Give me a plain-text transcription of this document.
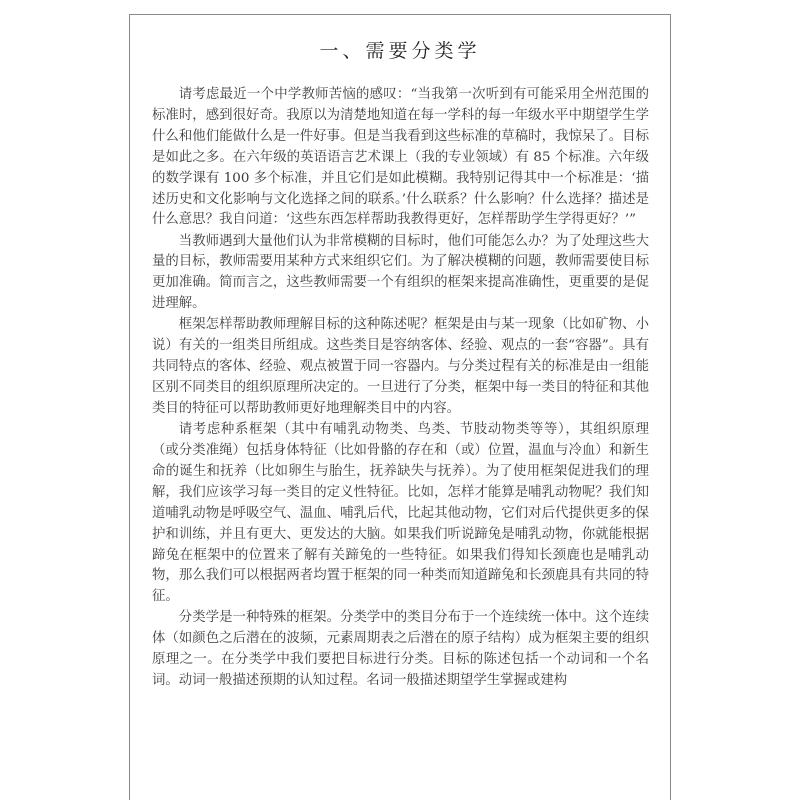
一、需要分类学

请考虑最近一个中学教师苦恼的感叹：“当我第一次听到有可能采用全州范围的标准时，感到很好奇。我原以为清楚地知道在每一学科的每一年级水平中期望学生学什么和他们能做什么是一件好事。但是当我看到这些标准的草稿时，我惊呆了。目标是如此之多。在六年级的英语语言艺术课上（我的专业领域）有 85 个标准。六年级的数学课有 100 多个标准，并且它们是如此模糊。我特别记得其中一个标准是：‘描述历史和文化影响与文化选择之间的联系。’什么联系？什么影响？什么选择？描述是什么意思？我自问道：‘这些东西怎样帮助我教得更好，怎样帮助学生学得更好？’”

当教师遇到大量他们认为非常模糊的目标时，他们可能怎么办？为了处理这些大量的目标，教师需要用某种方式来组织它们。为了解决模糊的问题，教师需要使目标更加准确。简而言之，这些教师需要一个有组织的框架来提高准确性，更重要的是促进理解。

框架怎样帮助教师理解目标的这种陈述呢？框架是由与某一现象（比如矿物、小说）有关的一组类目所组成。这些类目是容纳客体、经验、观点的一套“容器”。具有共同特点的客体、经验、观点被置于同一容器内。与分类过程有关的标准是由一组能区别不同类目的组织原理所决定的。一旦进行了分类，框架中每一类目的特征和其他类目的特征可以帮助教师更好地理解类目中的内容。

请考虑种系框架（其中有哺乳动物类、鸟类、节肢动物类等等），其组织原理（或分类准绳）包括身体特征（比如骨骼的存在和（或）位置，温血与冷血）和新生命的诞生和抚养（比如卵生与胎生，抚养缺失与抚养）。为了使用框架促进我们的理解，我们应该学习每一类目的定义性特征。比如，怎样才能算是哺乳动物呢？我们知道哺乳动物是呼吸空气、温血、哺乳后代，比起其他动物，它们对后代提供更多的保护和训练，并且有更大、更发达的大脑。如果我们听说蹄兔是哺乳动物，你就能根据蹄兔在框架中的位置来了解有关蹄兔的一些特征。如果我们得知长颈鹿也是哺乳动物，那么我们可以根据两者均置于框架的同一种类而知道蹄兔和长颈鹿具有共同的特征。

分类学是一种特殊的框架。分类学中的类目分布于一个连续统一体中。这个连续体（如颜色之后潜在的波频，元素周期表之后潜在的原子结构）成为框架主要的组织原理之一。在分类学中我们要把目标进行分类。目标的陈述包括一个动词和一个名词。动词一般描述预期的认知过程。名词一般描述期望学生掌握或建构
